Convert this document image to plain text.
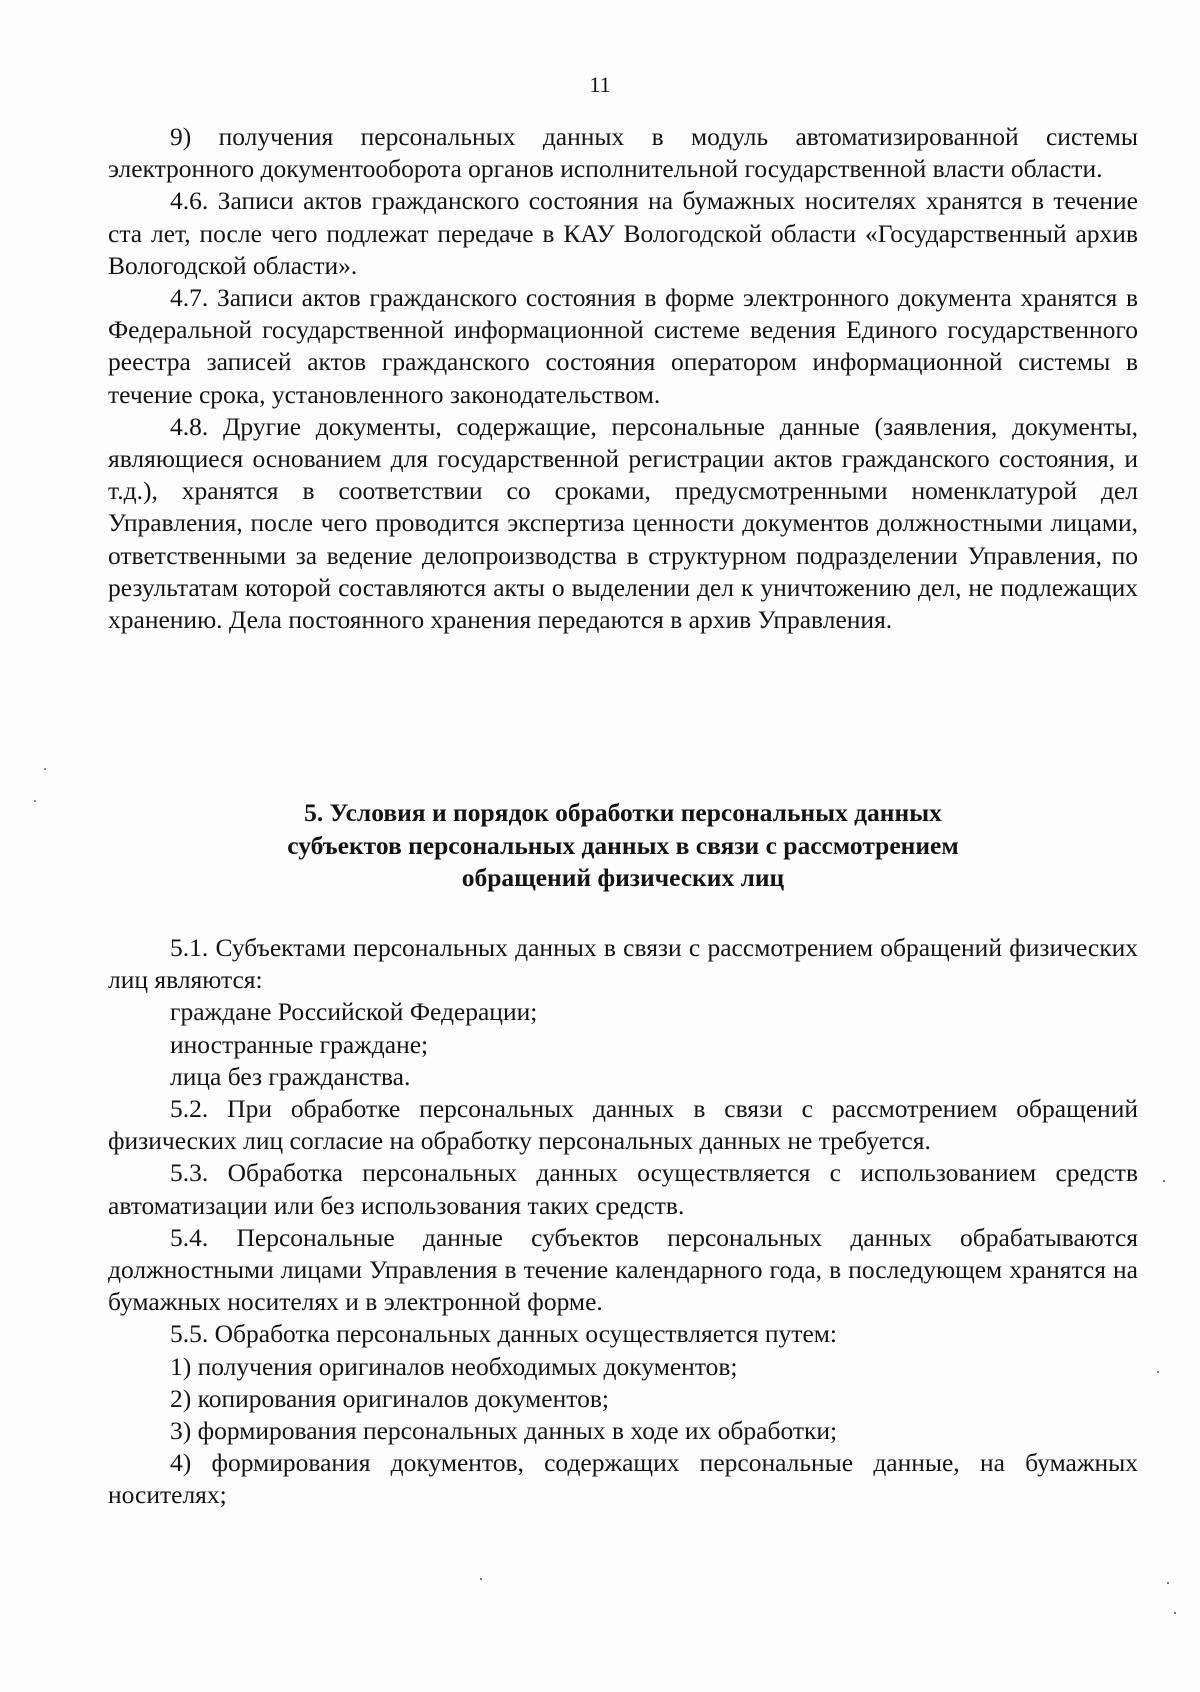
11

9) получения персональных данных в модуль автоматизированной системы электронного документооборота органов исполнительной государственной власти области.

4.6. Записи актов гражданского состояния на бумажных носителях хранятся в течение ста лет, после чего подлежат передаче в КАУ Вологодской области «Государственный архив Вологодской области».

4.7. Записи актов гражданского состояния в форме электронного документа хранятся в Федеральной государственной информационной системе ведения Единого государственного реестра записей актов гражданского состояния оператором информационной системы в течение срока, установленного законодательством.

4.8. Другие документы, содержащие, персональные данные (заявления, документы, являющиеся основанием для государственной регистрации актов гражданского состояния, и т.д.), хранятся в соответствии со сроками, предусмотренными номенклатурой дел Управления, после чего проводится экспертиза ценности документов должностными лицами, ответственными за ведение делопроизводства в структурном подразделении Управления, по результатам которой составляются акты о выделении дел к уничтожению дел, не подлежащих хранению. Дела постоянного хранения передаются в архив Управления.

5. Условия и порядок обработки персональных данных
субъектов персональных данных в связи с рассмотрением
обращений физических лиц

5.1. Субъектами персональных данных в связи с рассмотрением обращений физических лиц являются:

граждане Российской Федерации;

иностранные граждане;

лица без гражданства.

5.2. При обработке персональных данных в связи с рассмотрением обращений физических лиц согласие на обработку персональных данных не требуется.

5.3. Обработка персональных данных осуществляется с использованием средств автоматизации или без использования таких средств.

5.4. Персональные данные субъектов персональных данных обрабатываются должностными лицами Управления в течение календарного года, в последующем хранятся на бумажных носителях и в электронной форме.

5.5. Обработка персональных данных осуществляется путем:

1) получения оригиналов необходимых документов;

2) копирования оригиналов документов;

3) формирования персональных данных в ходе их обработки;

4) формирования документов, содержащих персональные данные, на бумажных носителях;
